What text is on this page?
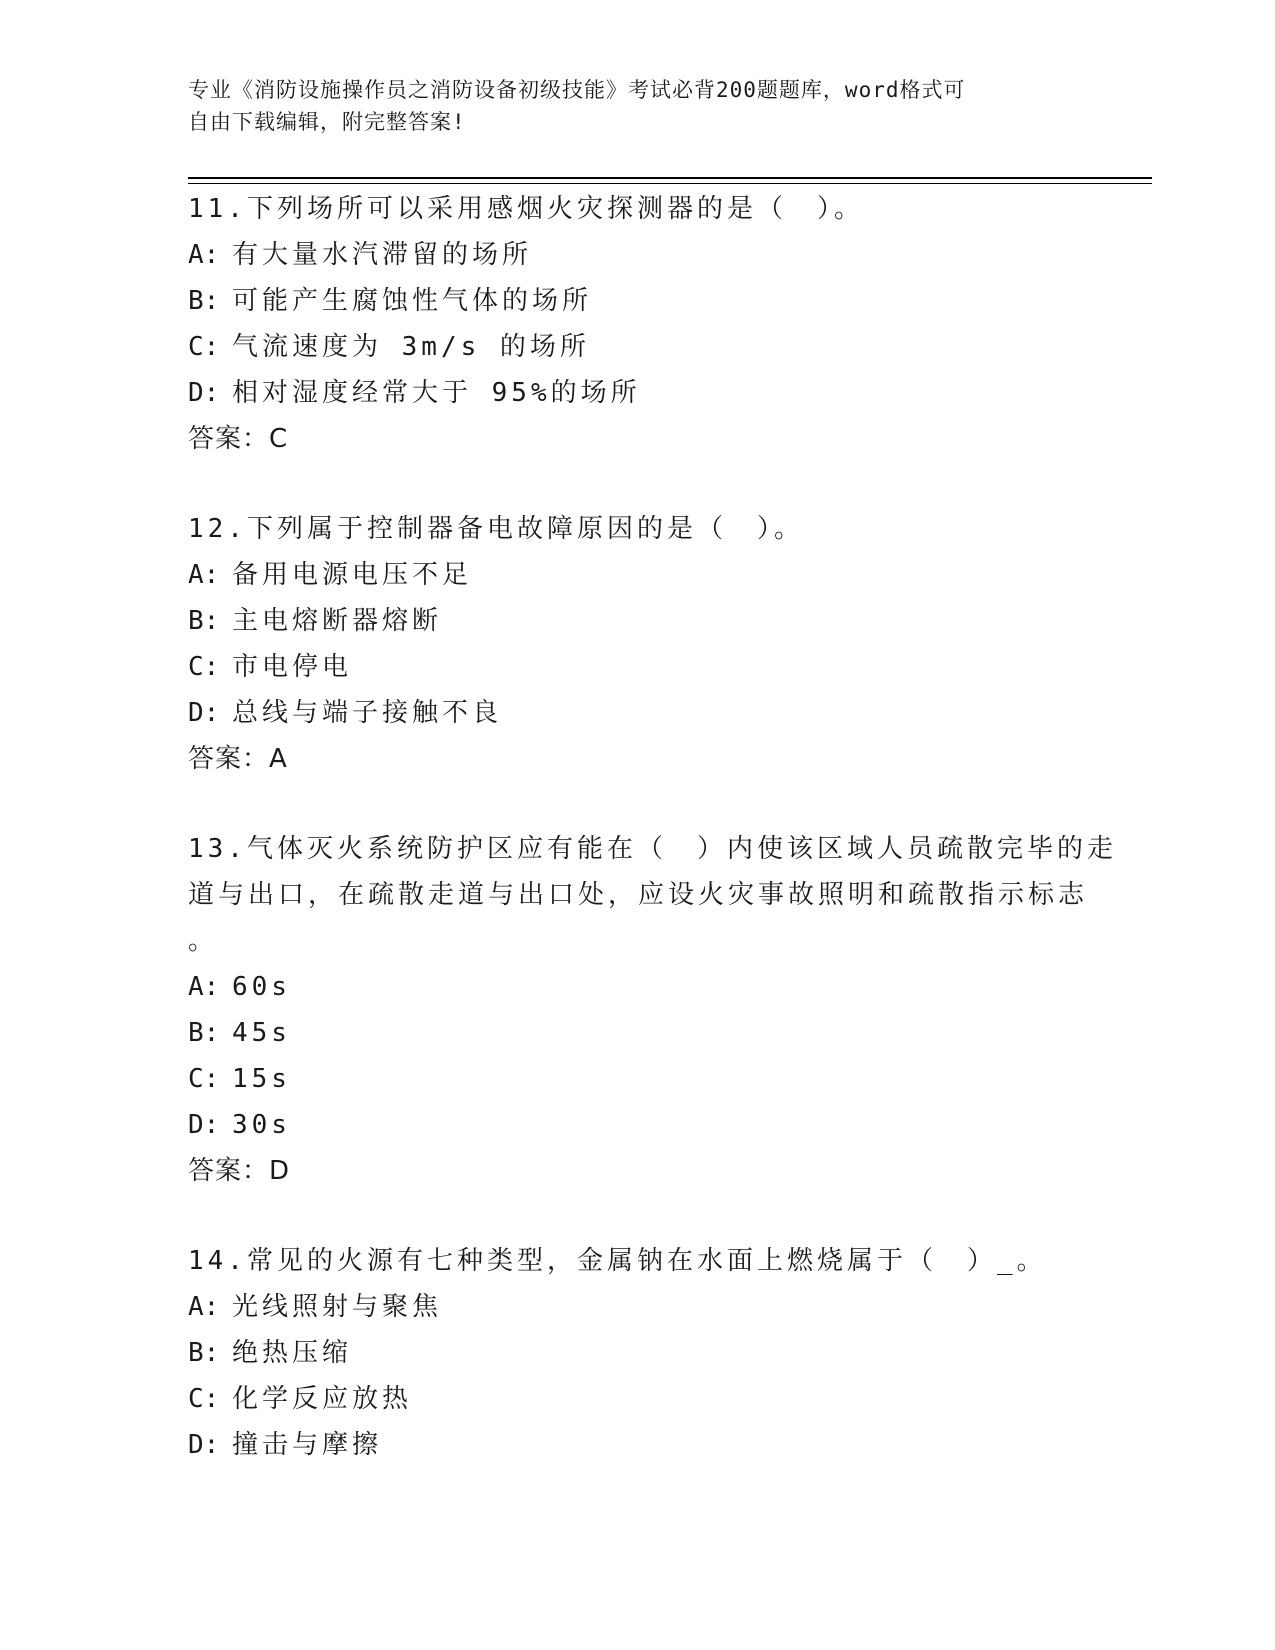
专业《消防设施操作员之消防设备初级技能》考试必背200题题库，word格式可
自由下载编辑，附完整答案!
11.下列场所可以采用感烟火灾探测器的是（　）。
A: 有大量水汽滞留的场所
B: 可能产生腐蚀性气体的场所
C: 气流速度为 3m/s 的场所
D: 相对湿度经常大于 95%的场所
答案：C
12.下列属于控制器备电故障原因的是（　）。
A: 备用电源电压不足
B: 主电熔断器熔断
C: 市电停电
D: 总线与端子接触不良
答案：A
13.气体灭火系统防护区应有能在（　）内使该区域人员疏散完毕的走
道与出口，在疏散走道与出口处，应设火灾事故照明和疏散指示标志
。
A: 60s
B: 45s
C: 15s
D: 30s
答案：D
14.常见的火源有七种类型，金属钠在水面上燃烧属于（　）_。
A: 光线照射与聚焦
B: 绝热压缩
C: 化学反应放热
D: 撞击与摩擦
